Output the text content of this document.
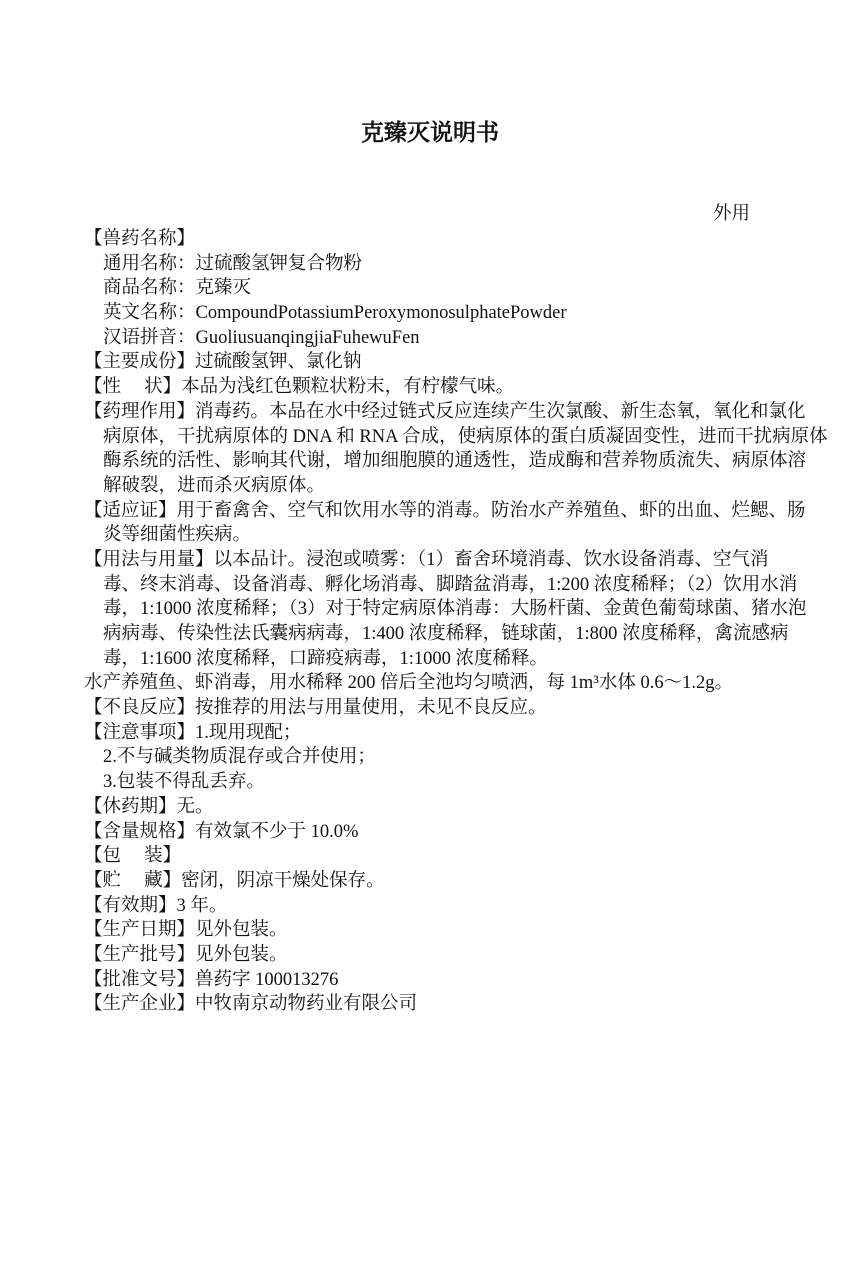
克臻灭说明书
外用
【兽药名称】
通用名称：过硫酸氢钾复合物粉
商品名称：克臻灭
英文名称：CompoundPotassiumPeroxymonosulphatePowder
汉语拼音：GuoliusuanqingjiaFuhewuFen
【主要成份】过硫酸氢钾、氯化钠
【性　 状】本品为浅红色颗粒状粉末，有柠檬气味。
【药理作用】消毒药。本品在水中经过链式反应连续产生次氯酸、新生态氧，氧化和氯化
病原体，干扰病原体的 DNA 和 RNA 合成，使病原体的蛋白质凝固变性，进而干扰病原体
酶系统的活性、影响其代谢，增加细胞膜的通透性，造成酶和营养物质流失、病原体溶
解破裂，进而杀灭病原体。
【适应证】用于畜禽舍、空气和饮用水等的消毒。防治水产养殖鱼、虾的出血、烂鳃、肠
炎等细菌性疾病。
【用法与用量】以本品计。浸泡或喷雾：（1）畜舍环境消毒、饮水设备消毒、空气消
毒、终末消毒、设备消毒、孵化场消毒、脚踏盆消毒，1:200 浓度稀释；（2）饮用水消
毒，1:1000 浓度稀释；（3）对于特定病原体消毒：大肠杆菌、金黄色葡萄球菌、猪水泡
病病毒、传染性法氏囊病病毒，1:400 浓度稀释，链球菌，1:800 浓度稀释，禽流感病
毒，1:1600 浓度稀释，口蹄疫病毒，1:1000 浓度稀释。
水产养殖鱼、虾消毒，用水稀释 200 倍后全池均匀喷洒，每 1m³水体 0.6～1.2g。
【不良反应】按推荐的用法与用量使用，未见不良反应。
【注意事项】1.现用现配；
2.不与碱类物质混存或合并使用；
3.包装不得乱丢弃。
【休药期】无。
【含量规格】有效氯不少于 10.0%
【包　 装】
【贮　 藏】密闭，阴凉干燥处保存。
【有效期】3 年。
【生产日期】见外包装。
【生产批号】见外包装。
【批准文号】兽药字 100013276
【生产企业】中牧南京动物药业有限公司
